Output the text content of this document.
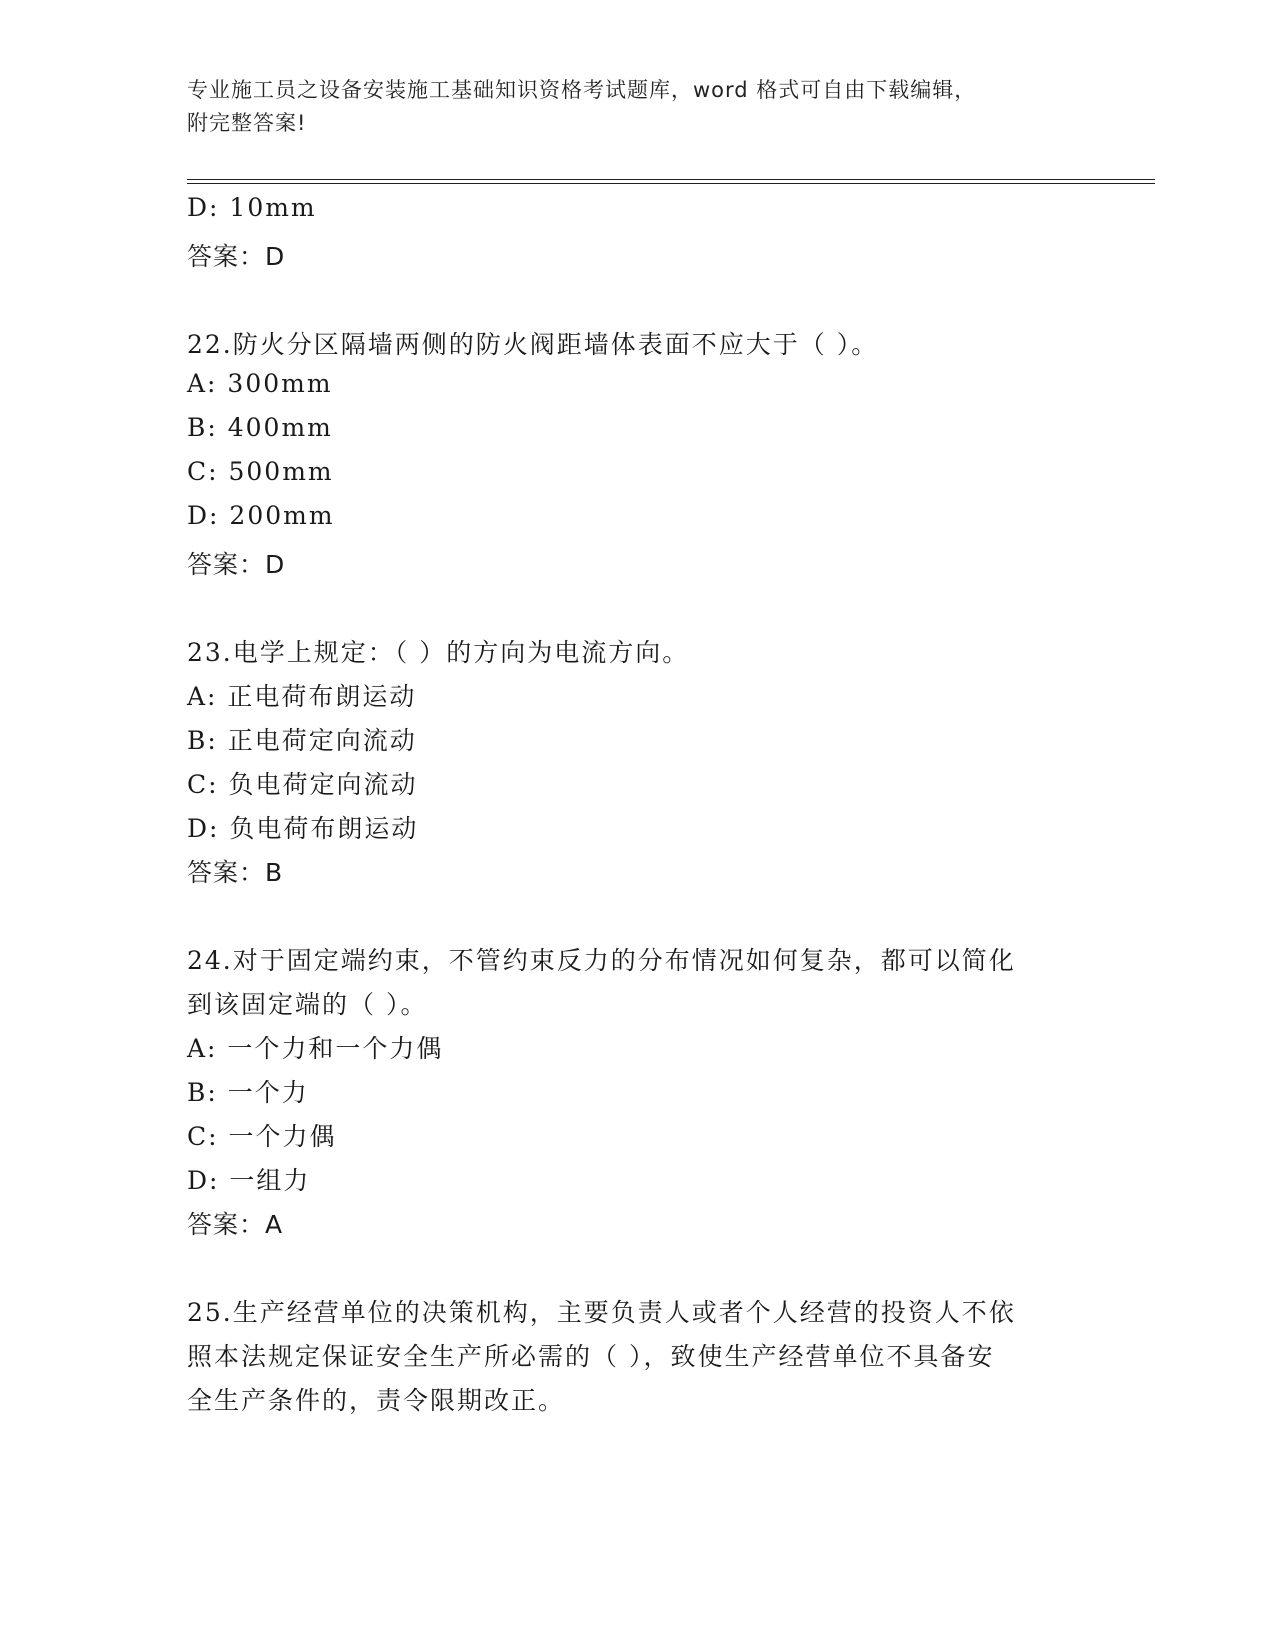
专业施工员之设备安装施工基础知识资格考试题库，word 格式可自由下载编辑，
附完整答案!
D: 10mm
答案：D
22.防火分区隔墙两侧的防火阀距墙体表面不应大于（ ）。
A: 300mm
B: 400mm
C: 500mm
D: 200mm
答案：D
23.电学上规定：（ ）的方向为电流方向。
A: 正电荷布朗运动
B: 正电荷定向流动
C: 负电荷定向流动
D: 负电荷布朗运动
答案：B
24.对于固定端约束，不管约束反力的分布情况如何复杂，都可以简化
到该固定端的（ ）。
A: 一个力和一个力偶
B: 一个力
C: 一个力偶
D: 一组力
答案：A
25.生产经营单位的决策机构，主要负责人或者个人经营的投资人不依
照本法规定保证安全生产所必需的（ ），致使生产经营单位不具备安
全生产条件的，责令限期改正。
